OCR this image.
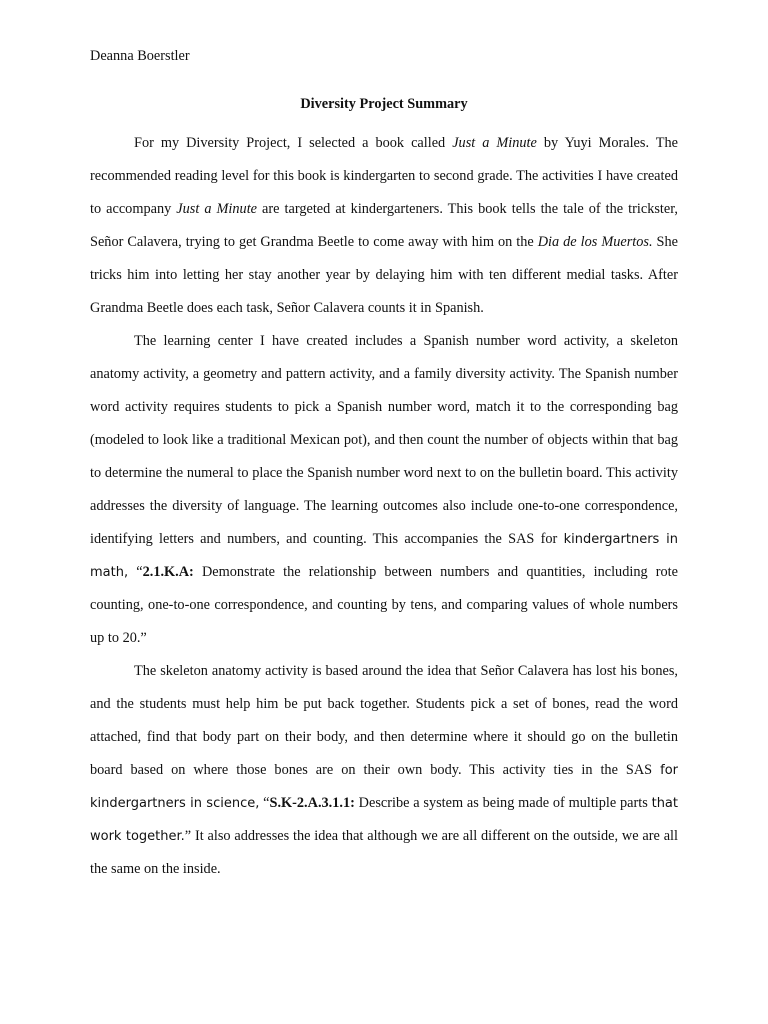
Deanna Boerstler
Diversity Project Summary

For my Diversity Project, I selected a book called Just a Minute by Yuyi Morales. The recommended reading level for this book is kindergarten to second grade. The activities I have created to accompany Just a Minute are targeted at kindergarteners. This book tells the tale of the trickster, Señor Calavera, trying to get Grandma Beetle to come away with him on the Dia de los Muertos. She tricks him into letting her stay another year by delaying him with ten different medial tasks. After Grandma Beetle does each task, Señor Calavera counts it in Spanish.

The learning center I have created includes a Spanish number word activity, a skeleton anatomy activity, a geometry and pattern activity, and a family diversity activity. The Spanish number word activity requires students to pick a Spanish number word, match it to the corresponding bag (modeled to look like a traditional Mexican pot), and then count the number of objects within that bag to determine the numeral to place the Spanish number word next to on the bulletin board. This activity addresses the diversity of language. The learning outcomes also include one-to-one correspondence, identifying letters and numbers, and counting. This accompanies the SAS for kindergartners in math, “2.1.K.A: Demonstrate the relationship between numbers and quantities, including rote counting, one-to-one correspondence, and counting by tens, and comparing values of whole numbers up to 20.”

The skeleton anatomy activity is based around the idea that Señor Calavera has lost his bones, and the students must help him be put back together. Students pick a set of bones, read the word attached, find that body part on their body, and then determine where it should go on the bulletin board based on where those bones are on their own body. This activity ties in the SAS for kindergartners in science, “S.K-2.A.3.1.1: Describe a system as being made of multiple parts that work together.” It also addresses the idea that although we are all different on the outside, we are all the same on the inside.
